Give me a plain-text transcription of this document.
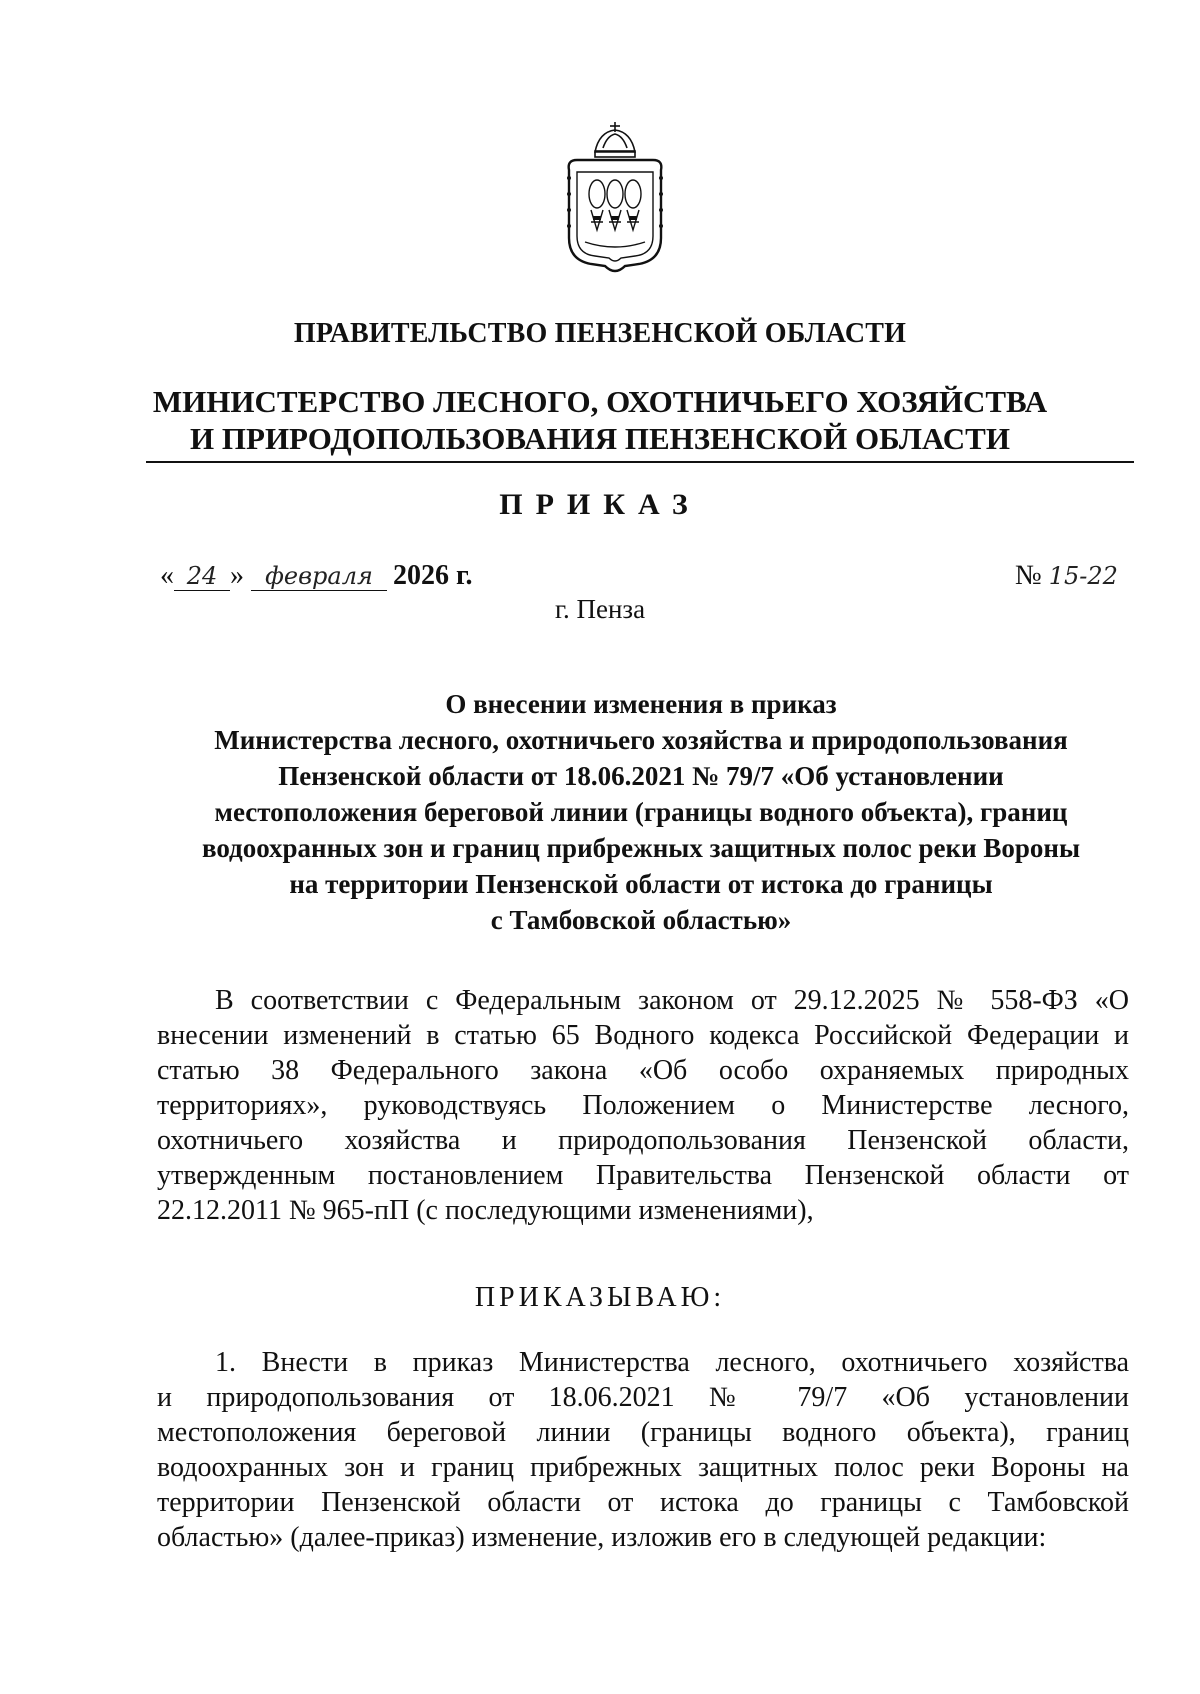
ПРАВИТЕЛЬСТВО ПЕНЗЕНСКОЙ ОБЛАСТИ
МИНИСТЕРСТВО ЛЕСНОГО, ОХОТНИЧЬЕГО ХОЗЯЙСТВА
И ПРИРОДОПОЛЬЗОВАНИЯ ПЕНЗЕНСКОЙ ОБЛАСТИ
ПРИКАЗ
« 24 » февраля 2026 г.	№ 15-22
г. Пенза
О внесении изменения в приказ
Министерства лесного, охотничьего хозяйства и природопользования
Пензенской области от 18.06.2021 № 79/7 «Об установлении
местоположения береговой линии (границы водного объекта), границ
водоохранных зон и границ прибрежных защитных полос реки Вороны
на территории Пензенской области от истока до границы
с Тамбовской областью»
В соответствии с Федеральным законом от 29.12.2025 № 558-ФЗ «О
внесении изменений в статью 65 Водного кодекса Российской Федерации и
статью 38 Федерального закона «Об особо охраняемых природных
территориях», руководствуясь Положением о Министерстве лесного,
охотничьего хозяйства и природопользования Пензенской области,
утвержденным постановлением Правительства Пензенской области от
22.12.2011 № 965-пП (с последующими изменениями),
ПРИКАЗЫВАЮ:
1. Внести в приказ Министерства лесного, охотничьего хозяйства
и природопользования от 18.06.2021 № 79/7 «Об установлении
местоположения береговой линии (границы водного объекта), границ
водоохранных зон и границ прибрежных защитных полос реки Вороны на
территории Пензенской области от истока до границы с Тамбовской
областью» (далее-приказ) изменение, изложив его в следующей редакции:
